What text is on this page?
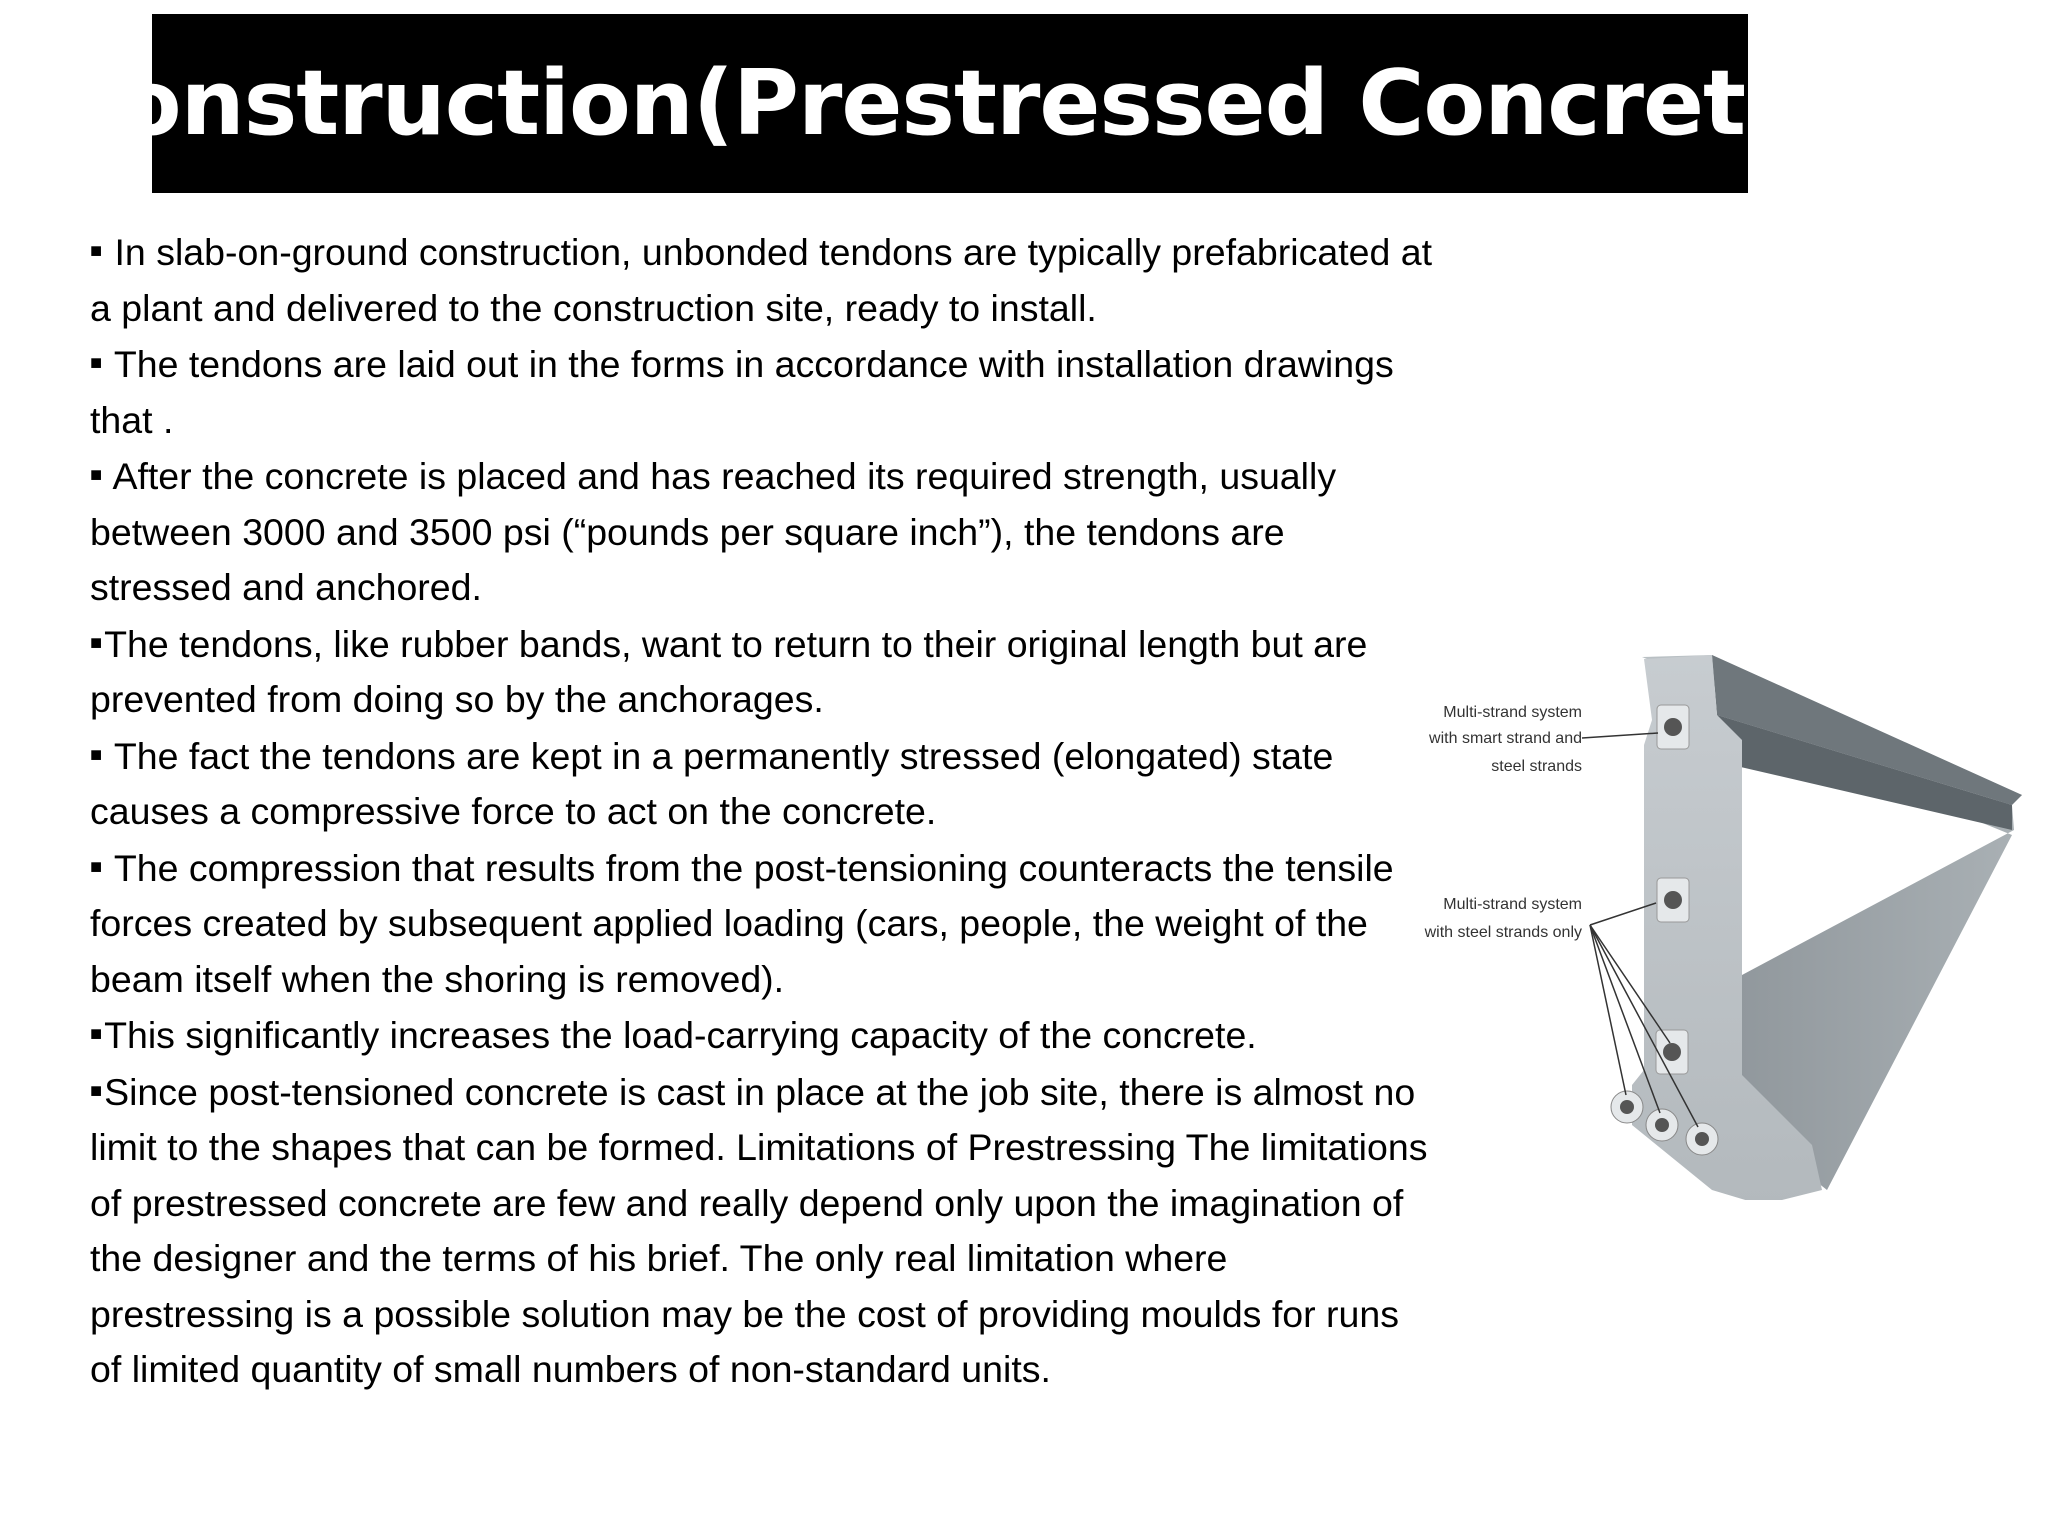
Construction(Prestressed Concrete)

■ In slab-on-ground construction, unbonded tendons are typically prefabricated at a plant and delivered to the construction site, ready to install.

■ The tendons are laid out in the forms in accordance with installation drawings that .

■ After the concrete is placed and has reached its required strength, usually between 3000 and 3500 psi (“pounds per square inch”), the tendons are stressed and anchored.

■The tendons, like rubber bands, want to return to their original length but are prevented from doing so by the anchorages.

■ The fact the tendons are kept in a permanently stressed (elongated) state causes a compressive force to act on the concrete.

■ The compression that results from the post-tensioning counteracts the tensile forces created by subsequent applied loading (cars, people, the weight of the beam itself when the shoring is removed).

■This significantly increases the load-carrying capacity of the concrete.

■Since post-tensioned concrete is cast in place at the job site, there is almost no limit to the shapes that can be formed. Limitations of Prestressing The limitations of prestressed concrete are few and really depend only upon the imagination of the designer and the terms of his brief. The only real limitation where prestressing is a possible solution may be the cost of providing moulds for runs of limited quantity of small numbers of non-standard units.

Multi-strand system
with smart strand and
steel strands
Multi-strand system
with steel strands only
